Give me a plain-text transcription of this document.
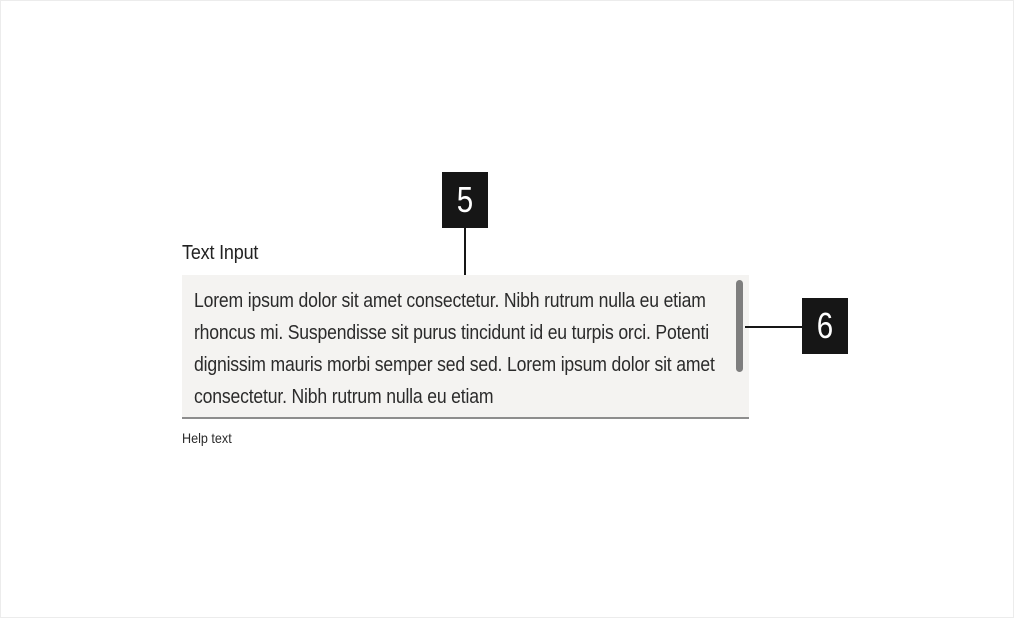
Text Input
Lorem ipsum dolor sit amet consectetur. Nibh rutrum nulla eu etiam rhoncus mi. Suspendisse sit purus tincidunt id eu turpis orci. Potenti dignissim mauris morbi semper sed sed. Lorem ipsum dolor sit amet consectetur. Nibh rutrum nulla eu etiam
Help text
5
6
